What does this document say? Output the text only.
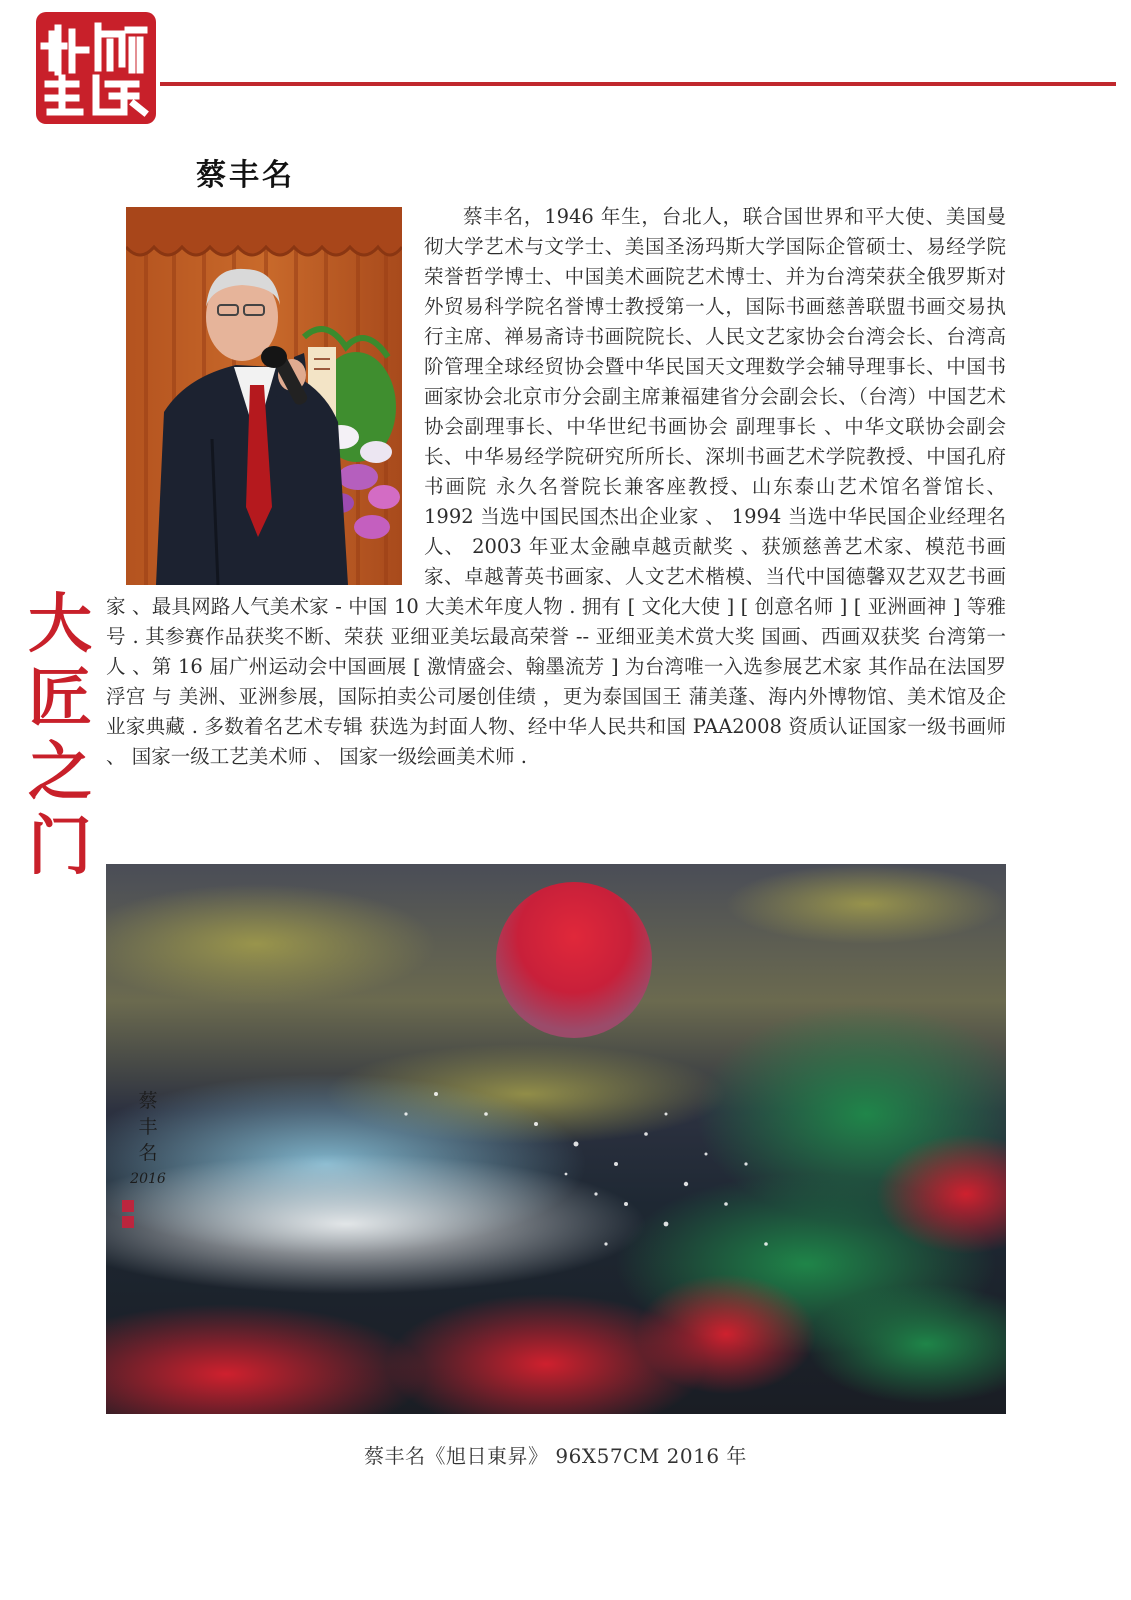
大
匠
之
门
蔡丰名

蔡丰名，1946 年生，台北人，联合国世界和平大使、美国曼彻大学艺术与文学士、美国圣汤玛斯大学国际企管硕士、易经学院 荣誉哲学博士、中国美术画院艺术博士、并为台湾荣获全俄罗斯对外贸易科学院名誉博士教授第一人，国际书画慈善联盟书画交易执行主席、禅易斋诗书画院院长、人民文艺家协会台湾会长、台湾高阶管理全球经贸协会暨中华民国天文理数学会辅导理事长、中国书画家协会北京市分会副主席兼福建省分会副会长、（台湾）中国艺术协会副理事长、中华世纪书画协会 副理事长 、中华文联协会副会长、中华易经学院研究所所长、深圳书画艺术学院教授、中国孔府书画院 永久名誉院长兼客座教授、山东泰山艺术馆名誉馆长、1992 当选中国民国杰出企业家 、 1994 当选中华民国企业经理名人、 2003 年亚太金融卓越贡献奖 、获颁慈善艺术家、模范书画家、卓越菁英书画家、人文艺术楷模、当代中国德馨双艺双艺书画家 、最具网路人气美术家 - 中国 10 大美术年度人物 . 拥有 [ 文化大使 ] [ 创意名师 ] [ 亚洲画神 ] 等雅号 . 其参赛作品获奖不断、荣获 亚细亚美坛最高荣誉 -- 亚细亚美术赏大奖 国画、西画双获奖 台湾第一人 、第 16 届广州运动会中国画展 [ 激情盛会、翰墨流芳 ] 为台湾唯一入选参展艺术家 其作品在法国罗浮宫 与 美洲、亚洲参展，国际拍卖公司屡创佳绩 ，更为泰国国王 蒲美蓬、海内外博物馆、美术馆及企业家典藏 . 多数着名艺术专辑 获选为封面人物、经中华人民共和国 PAA2008 资质认证国家一级书画师 、 国家一级工艺美术师 、 国家一级绘画美术师 .

蔡
丰
名
2016
蔡丰名《旭日東昇》 96X57CM 2016 年
